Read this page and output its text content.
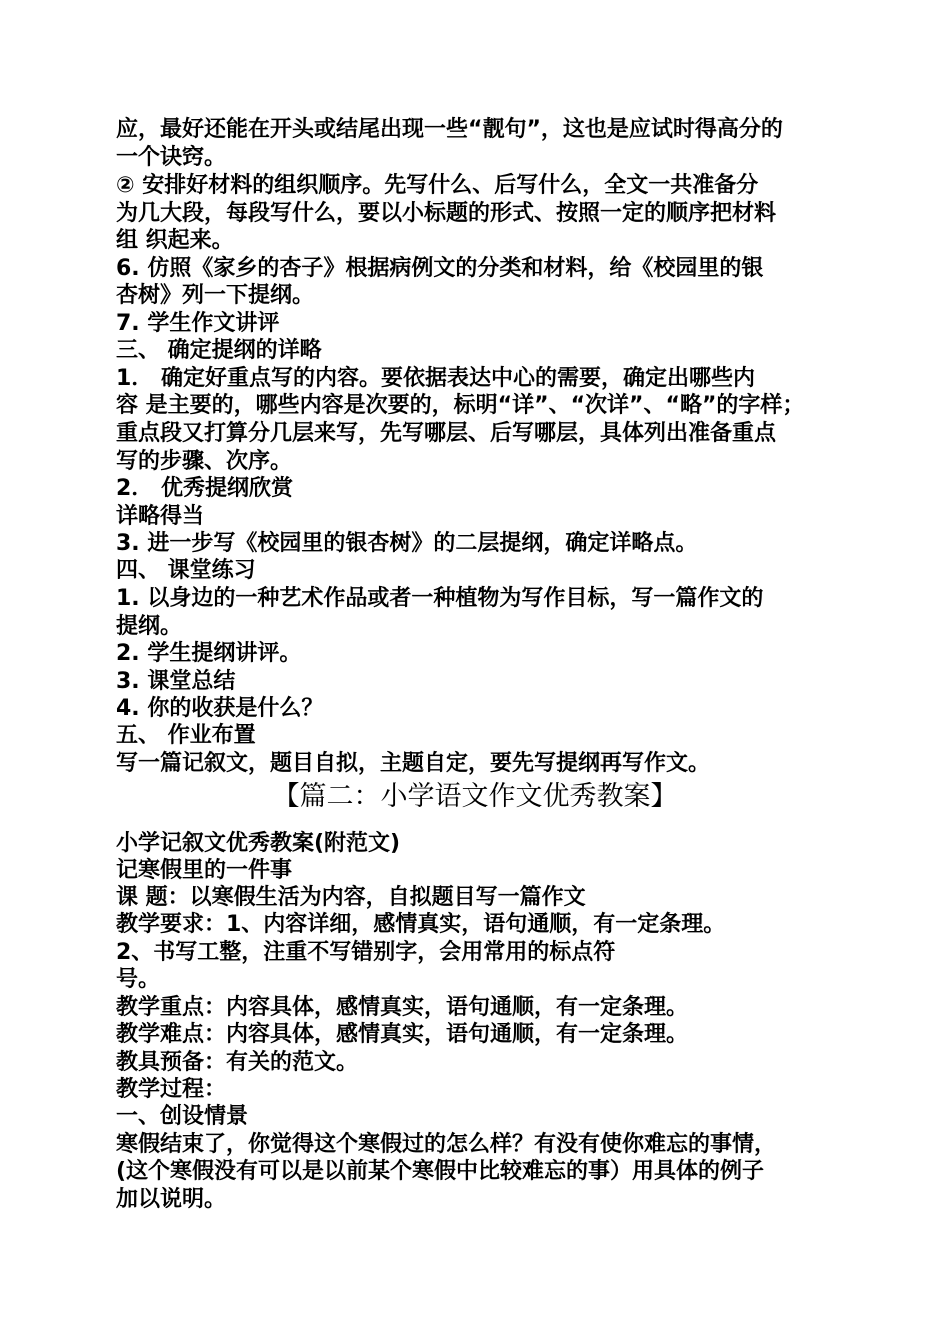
应，最好还能在开头或结尾出现一些“靓句”，这也是应试时得高分的
一个诀窍。
② 安排好材料的组织顺序。先写什么、后写什么，全文一共准备分
为几大段，每段写什么，要以小标题的形式、按照一定的顺序把材料
组 织起来。
6. 仿照《家乡的杏子》根据病例文的分类和材料，给《校园里的银
杏树》列一下提纲。
7. 学生作文讲评
三、 确定提纲的详略
1． 确定好重点写的内容。要依据表达中心的需要，确定出哪些内
容 是主要的，哪些内容是次要的，标明“详”、“次详”、“略”的字样；
重点段又打算分几层来写，先写哪层、后写哪层，具体列出准备重点
写的步骤、次序。
2． 优秀提纲欣赏
详略得当
3. 进一步写《校园里的银杏树》的二层提纲，确定详略点。
四、 课堂练习
1. 以身边的一种艺术作品或者一种植物为写作目标，写一篇作文的
提纲。
2. 学生提纲讲评。
3. 课堂总结
4. 你的收获是什么？
五、 作业布置
写一篇记叙文，题目自拟，主题自定，要先写提纲再写作文。
【篇二：小学语文作文优秀教案】
小学记叙文优秀教案(附范文)
记寒假里的一件事
课 题：以寒假生活为内容，自拟题目写一篇作文
教学要求：1、内容详细，感情真实，语句通顺，有一定条理。
2、书写工整，注重不写错别字，会用常用的标点符
号。
教学重点：内容具体，感情真实，语句通顺，有一定条理。
教学难点：内容具体，感情真实，语句通顺，有一定条理。
教具预备：有关的范文。
教学过程：
一、创设情景
寒假结束了，你觉得这个寒假过的怎么样？有没有使你难忘的事情，
(这个寒假没有可以是以前某个寒假中比较难忘的事）用具体的例子
加以说明。
